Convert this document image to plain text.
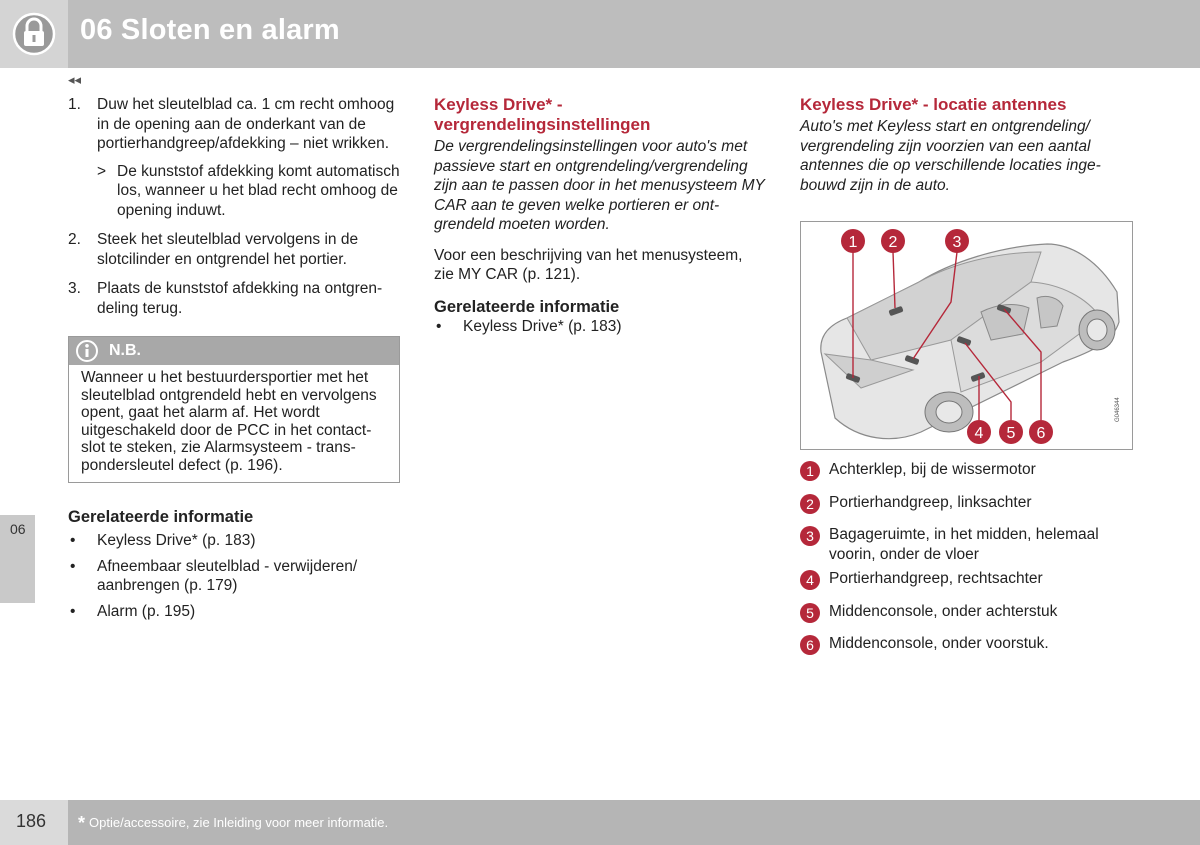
06 Sloten en alarm
◂◂
06
1. Duw het sleutelblad ca. 1 cm recht omhoog in de opening aan de onderkant van de portierhandgreep/afdekking – niet wrikken.
> De kunststof afdekking komt automatisch los, wanneer u het blad recht omhoog de opening induwt.
2. Steek het sleutelblad vervolgens in de slotcilinder en ontgrendel het portier.
3. Plaats de kunststof afdekking na ontgrendeling terug.
N.B.
Wanneer u het bestuurdersportier met het sleutelblad ontgrendeld hebt en vervolgens opent, gaat het alarm af. Het wordt uitgeschakeld door de PCC in het contactslot te steken, zie Alarmsysteem - transpondersleutel defect (p. 196).
Gerelateerde informatie
• Keyless Drive* (p. 183)
• Afneembaar sleutelblad - verwijderen/ aanbrengen (p. 179)
• Alarm (p. 195)
Keyless Drive* - vergrendelingsinstellingen
De vergrendelingsinstellingen voor auto's met passieve start en ontgrendeling/vergrendeling zijn aan te passen door in het menusysteem MY CAR aan te geven welke portieren er ontgrendeld moeten worden.
Voor een beschrijving van het menusysteem, zie MY CAR (p. 121).
Gerelateerde informatie
• Keyless Drive* (p. 183)
Keyless Drive* - locatie antennes
Auto's met Keyless start en ontgrendeling/ vergrendeling zijn voorzien van een aantal antennes die op verschillende locaties ingebouwd zijn in de auto.
1 2	3
4 5 6
G046344
1 Achterklep, bij de wissermotor
2 Portierhandgreep, linksachter
3 Bagageruimte, in het midden, helemaal voorin, onder de vloer
4 Portierhandgreep, rechtsachter
5 Middenconsole, onder achterstuk
6 Middenconsole, onder voorstuk.
186 * Optie/accessoire, zie Inleiding voor meer informatie.
